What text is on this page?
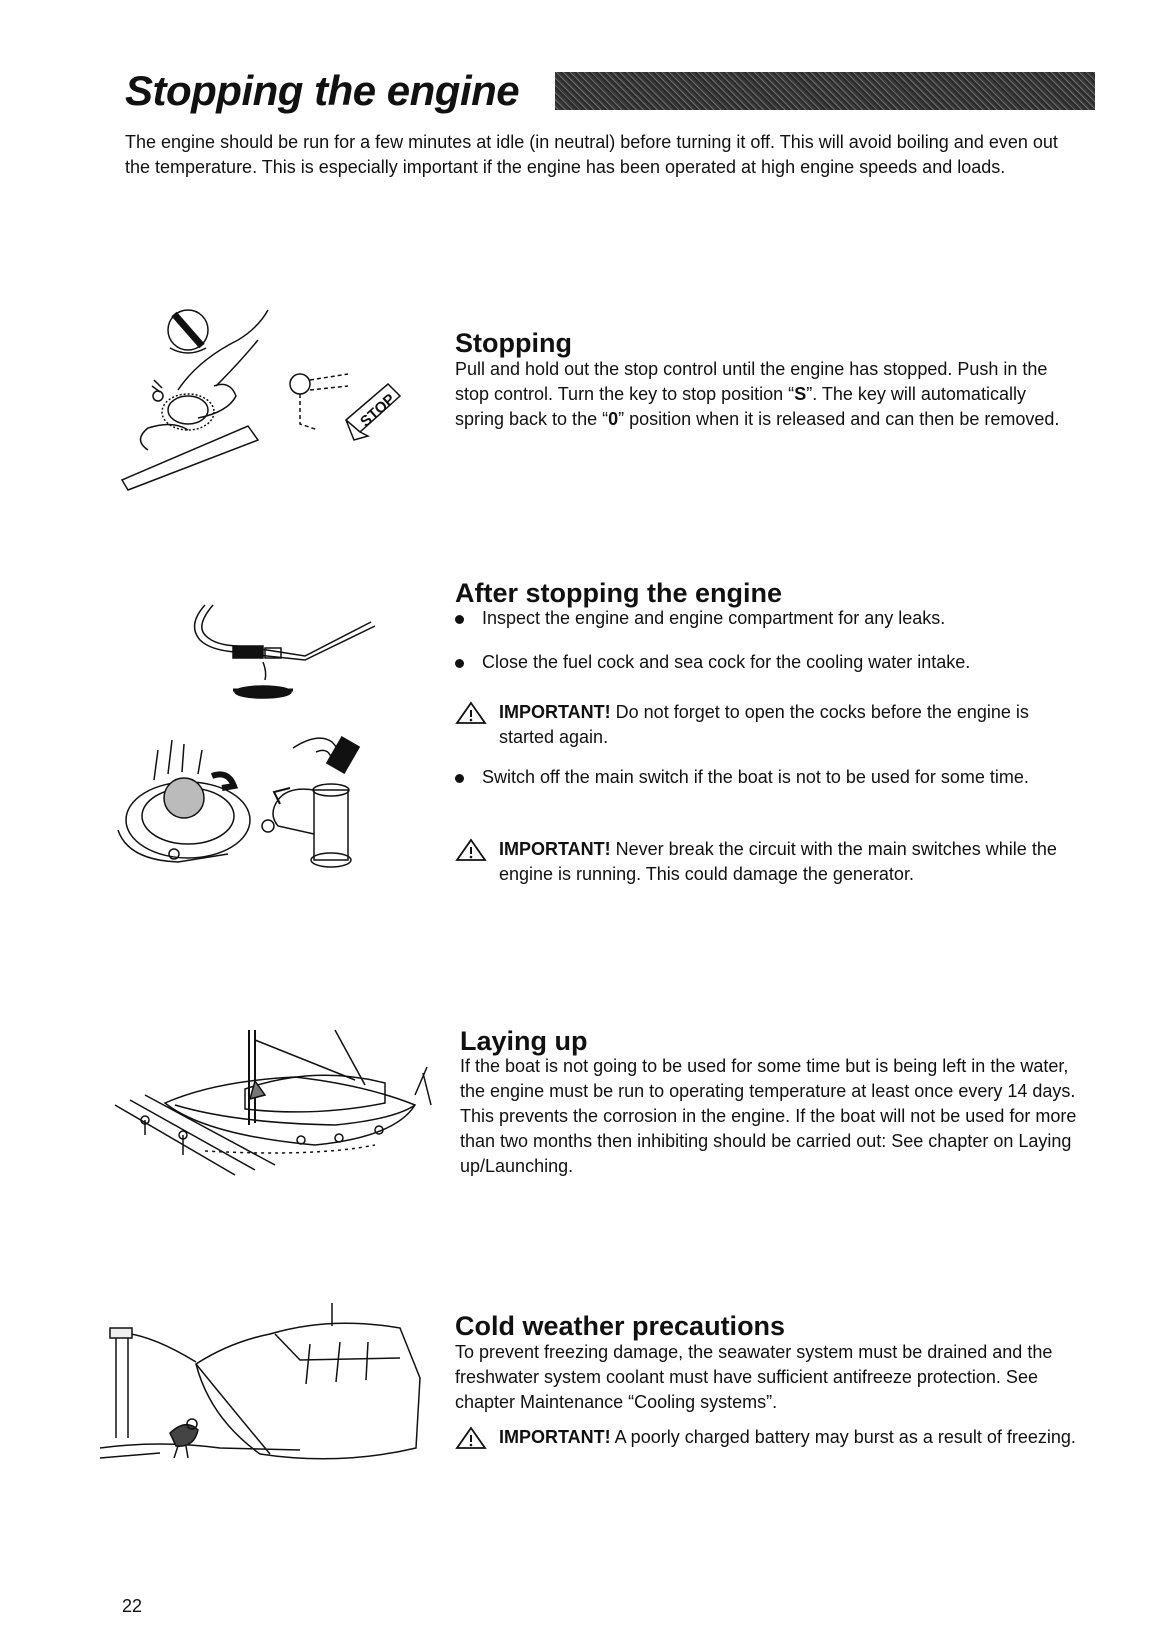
Stopping the engine

The engine should be run for a few minutes at idle (in neutral) before turning it off. This will avoid boiling and even out the temperature. This is especially important if the engine has been operated at high engine speeds and loads.

STOP
Stopping

Pull and hold out the stop control until the engine has stopped. Push in the stop control. Turn the key to stop position “S”. The key will automatically spring back to the “0” position when it is released and can then be removed.

After stopping the engine
Inspect the engine and engine compartment for any leaks.
Close the fuel cock and sea cock for the cooling water intake.
IMPORTANT! Do not forget to open the cocks before the engine is started again.
Switch off the main switch if the boat is not to be used for some time.
IMPORTANT! Never break the circuit with the main switches while the engine is running. This could damage the generator.
Laying up

If the boat is not going to be used for some time but is being left in the water, the engine must be run to operating temperature at least once every 14 days. This prevents the corrosion in the engine. If the boat will not be used for more than two months then inhibiting should be carried out: See chapter on Laying up/Launching.

Cold weather precautions

To prevent freezing damage, the seawater system must be drained and the freshwater system coolant must have sufficient antifreeze protection. See chapter Maintenance “Cooling systems”.

IMPORTANT! A poorly charged battery may burst as a result of freezing.

22
